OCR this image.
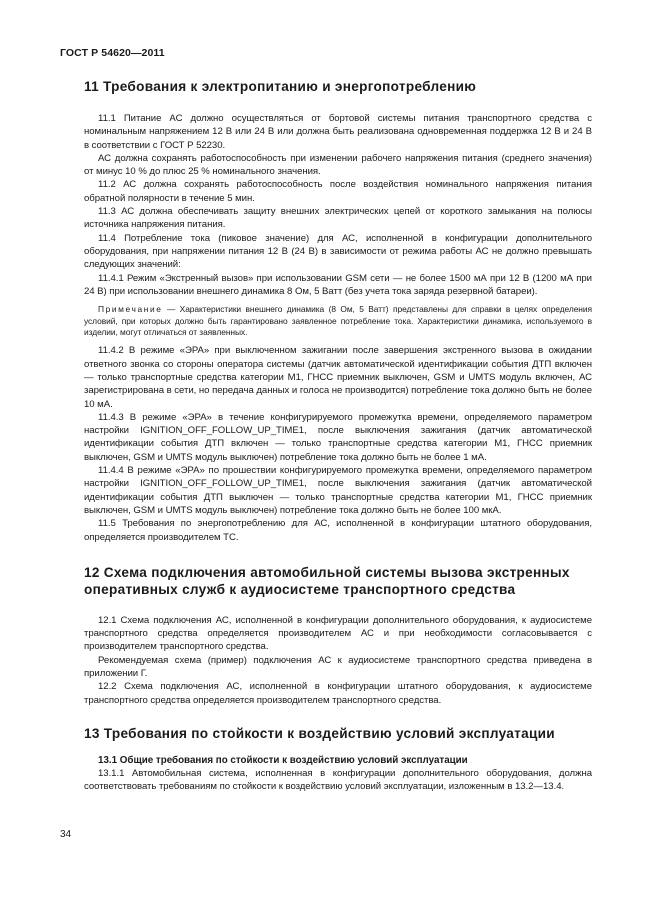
ГОСТ Р 54620—2011
11 Требования к электропитанию и энергопотреблению

11.1 Питание АС должно осуществляться от бортовой системы питания транспортного средства с номинальным напряжением 12 В или 24 В или должна быть реализована одновременная поддержка 12 В и 24 В в соответствии с ГОСТ Р 52230.

АС должна сохранять работоспособность при изменении рабочего напряжения питания (среднего значения) от минус 10 % до плюс 25 % номинального значения.

11.2 АС должна сохранять работоспособность после воздействия номинального напряжения питания обратной полярности в течение 5 мин.

11.3 АС должна обеспечивать защиту внешних электрических цепей от короткого замыкания на полюсы источника напряжения питания.

11.4 Потребление тока (пиковое значение) для АС, исполненной в конфигурации дополнительного оборудования, при напряжении питания 12 В (24 В) в зависимости от режима работы АС не должно превышать следующих значений:

11.4.1 Режим «Экстренный вызов» при использовании GSM сети — не более 1500 мА при 12 В (1200 мА при 24 В) при использовании внешнего динамика 8 Ом, 5 Ватт (без учета тока заряда резервной батареи).

Примечание — Характеристики внешнего динамика (8 Ом, 5 Ватт) представлены для справки в целях определения условий, при которых должно быть гарантировано заявленное потребление тока. Характеристики динамика, используемого в изделии, могут отличаться от заявленных.

11.4.2 В режиме «ЭРА» при выключенном зажигании после завершения экстренного вызова в ожидании ответного звонка со стороны оператора системы (датчик автоматической идентификации события ДТП включен — только транспортные средства категории М1, ГНСС приемник выключен, GSM и UMTS модуль включен, АС зарегистрирована в сети, но передача данных и голоса не производится) потребление тока должно быть не более 10 мА.

11.4.3 В режиме «ЭРА» в течение конфигурируемого промежутка времени, определяемого параметром настройки IGNITION_OFF_FOLLOW_UP_TIME1, после выключения зажигания (датчик автоматической идентификации события ДТП включен — только транспортные средства категории М1, ГНСС приемник выключен, GSM и UMTS модуль выключен) потребление тока должно быть не более 1 мА.

11.4.4 В режиме «ЭРА» по прошествии конфигурируемого промежутка времени, определяемого параметром настройки IGNITION_OFF_FOLLOW_UP_TIME1, после выключения зажигания (датчик автоматической идентификации события ДТП выключен — только транспортные средства категории М1, ГНСС приемник выключен, GSM и UMTS модуль выключен) потребление тока должно быть не более 100 мкА.

11.5 Требования по энергопотреблению для АС, исполненной в конфигурации штатного оборудования, определяется производителем ТС.

12 Схема подключения автомобильной системы вызова экстренных оперативных служб к аудиосистеме транспортного средства

12.1 Схема подключения АС, исполненной в конфигурации дополнительного оборудования, к аудиосистеме транспортного средства определяется производителем АС и при необходимости согласовывается с производителем транспортного средства.

Рекомендуемая схема (пример) подключения АС к аудиосистеме транспортного средства приведена в приложении Г.

12.2 Схема подключения АС, исполненной в конфигурации штатного оборудования, к аудиосистеме транспортного средства определяется производителем транспортного средства.

13 Требования по стойкости к воздействию условий эксплуатации
13.1 Общие требования по стойкости к воздействию условий эксплуатации

13.1.1 Автомобильная система, исполненная в конфигурации дополнительного оборудования, должна соответствовать требованиям по стойкости к воздействию условий эксплуатации, изложенным в 13.2—13.4.

34
